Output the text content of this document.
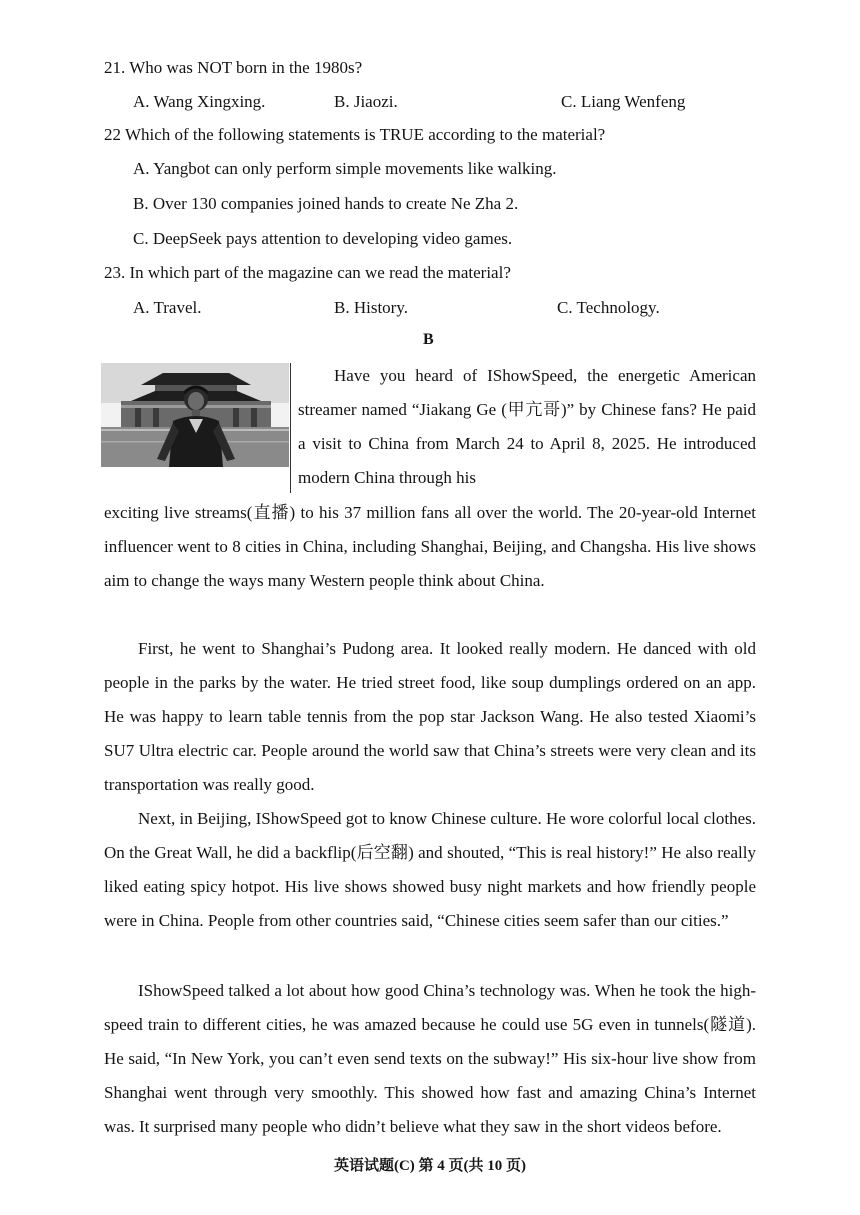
21. Who was NOT born in the 1980s?
A. Wang Xingxing.	B. Jiaozi.	C. Liang Wenfeng
22 Which of the following statements is TRUE according to the material?
A. Yangbot can only perform simple movements like walking.
B. Over 130 companies joined hands to create Ne Zha 2.
C. DeepSeek pays attention to developing video games.
23. In which part of the magazine can we read the material?
A. Travel.	B. History.	C. Technology.
B
Have you heard of IShowSpeed, the energetic American streamer named “Jiakang Ge (甲亢哥)” by Chinese fans? He paid a visit to China from March 24 to April 8, 2025. He introduced modern China through his
exciting live streams(直播) to his 37 million fans all over the world. The 20-year-old Internet influencer went to 8 cities in China, including Shanghai, Beijing, and Changsha. His live shows aim to change the ways many Western people think about China.
First, he went to Shanghai’s Pudong area. It looked really modern. He danced with old people in the parks by the water. He tried street food, like soup dumplings ordered on an app. He was happy to learn table tennis from the pop star Jackson Wang. He also tested Xiaomi’s SU7 Ultra electric car. People around the world saw that China’s streets were very clean and its transportation was really good.
Next, in Beijing, IShowSpeed got to know Chinese culture. He wore colorful local clothes. On the Great Wall, he did a backflip(后空翻) and shouted, “This is real history!” He also really liked eating spicy hotpot. His live shows showed busy night markets and how friendly people were in China. People from other countries said, “Chinese cities seem safer than our cities.”
IShowSpeed talked a lot about how good China’s technology was. When he took the high-speed train to different cities, he was amazed because he could use 5G even in tunnels(隧道). He said, “In New York, you can’t even send texts on the subway!” His six-hour live show from Shanghai went through very smoothly. This showed how fast and amazing China’s Internet was. It surprised many people who didn’t believe what they saw in the short videos before.
英语试题(C) 第 4 页(共 10 页)
